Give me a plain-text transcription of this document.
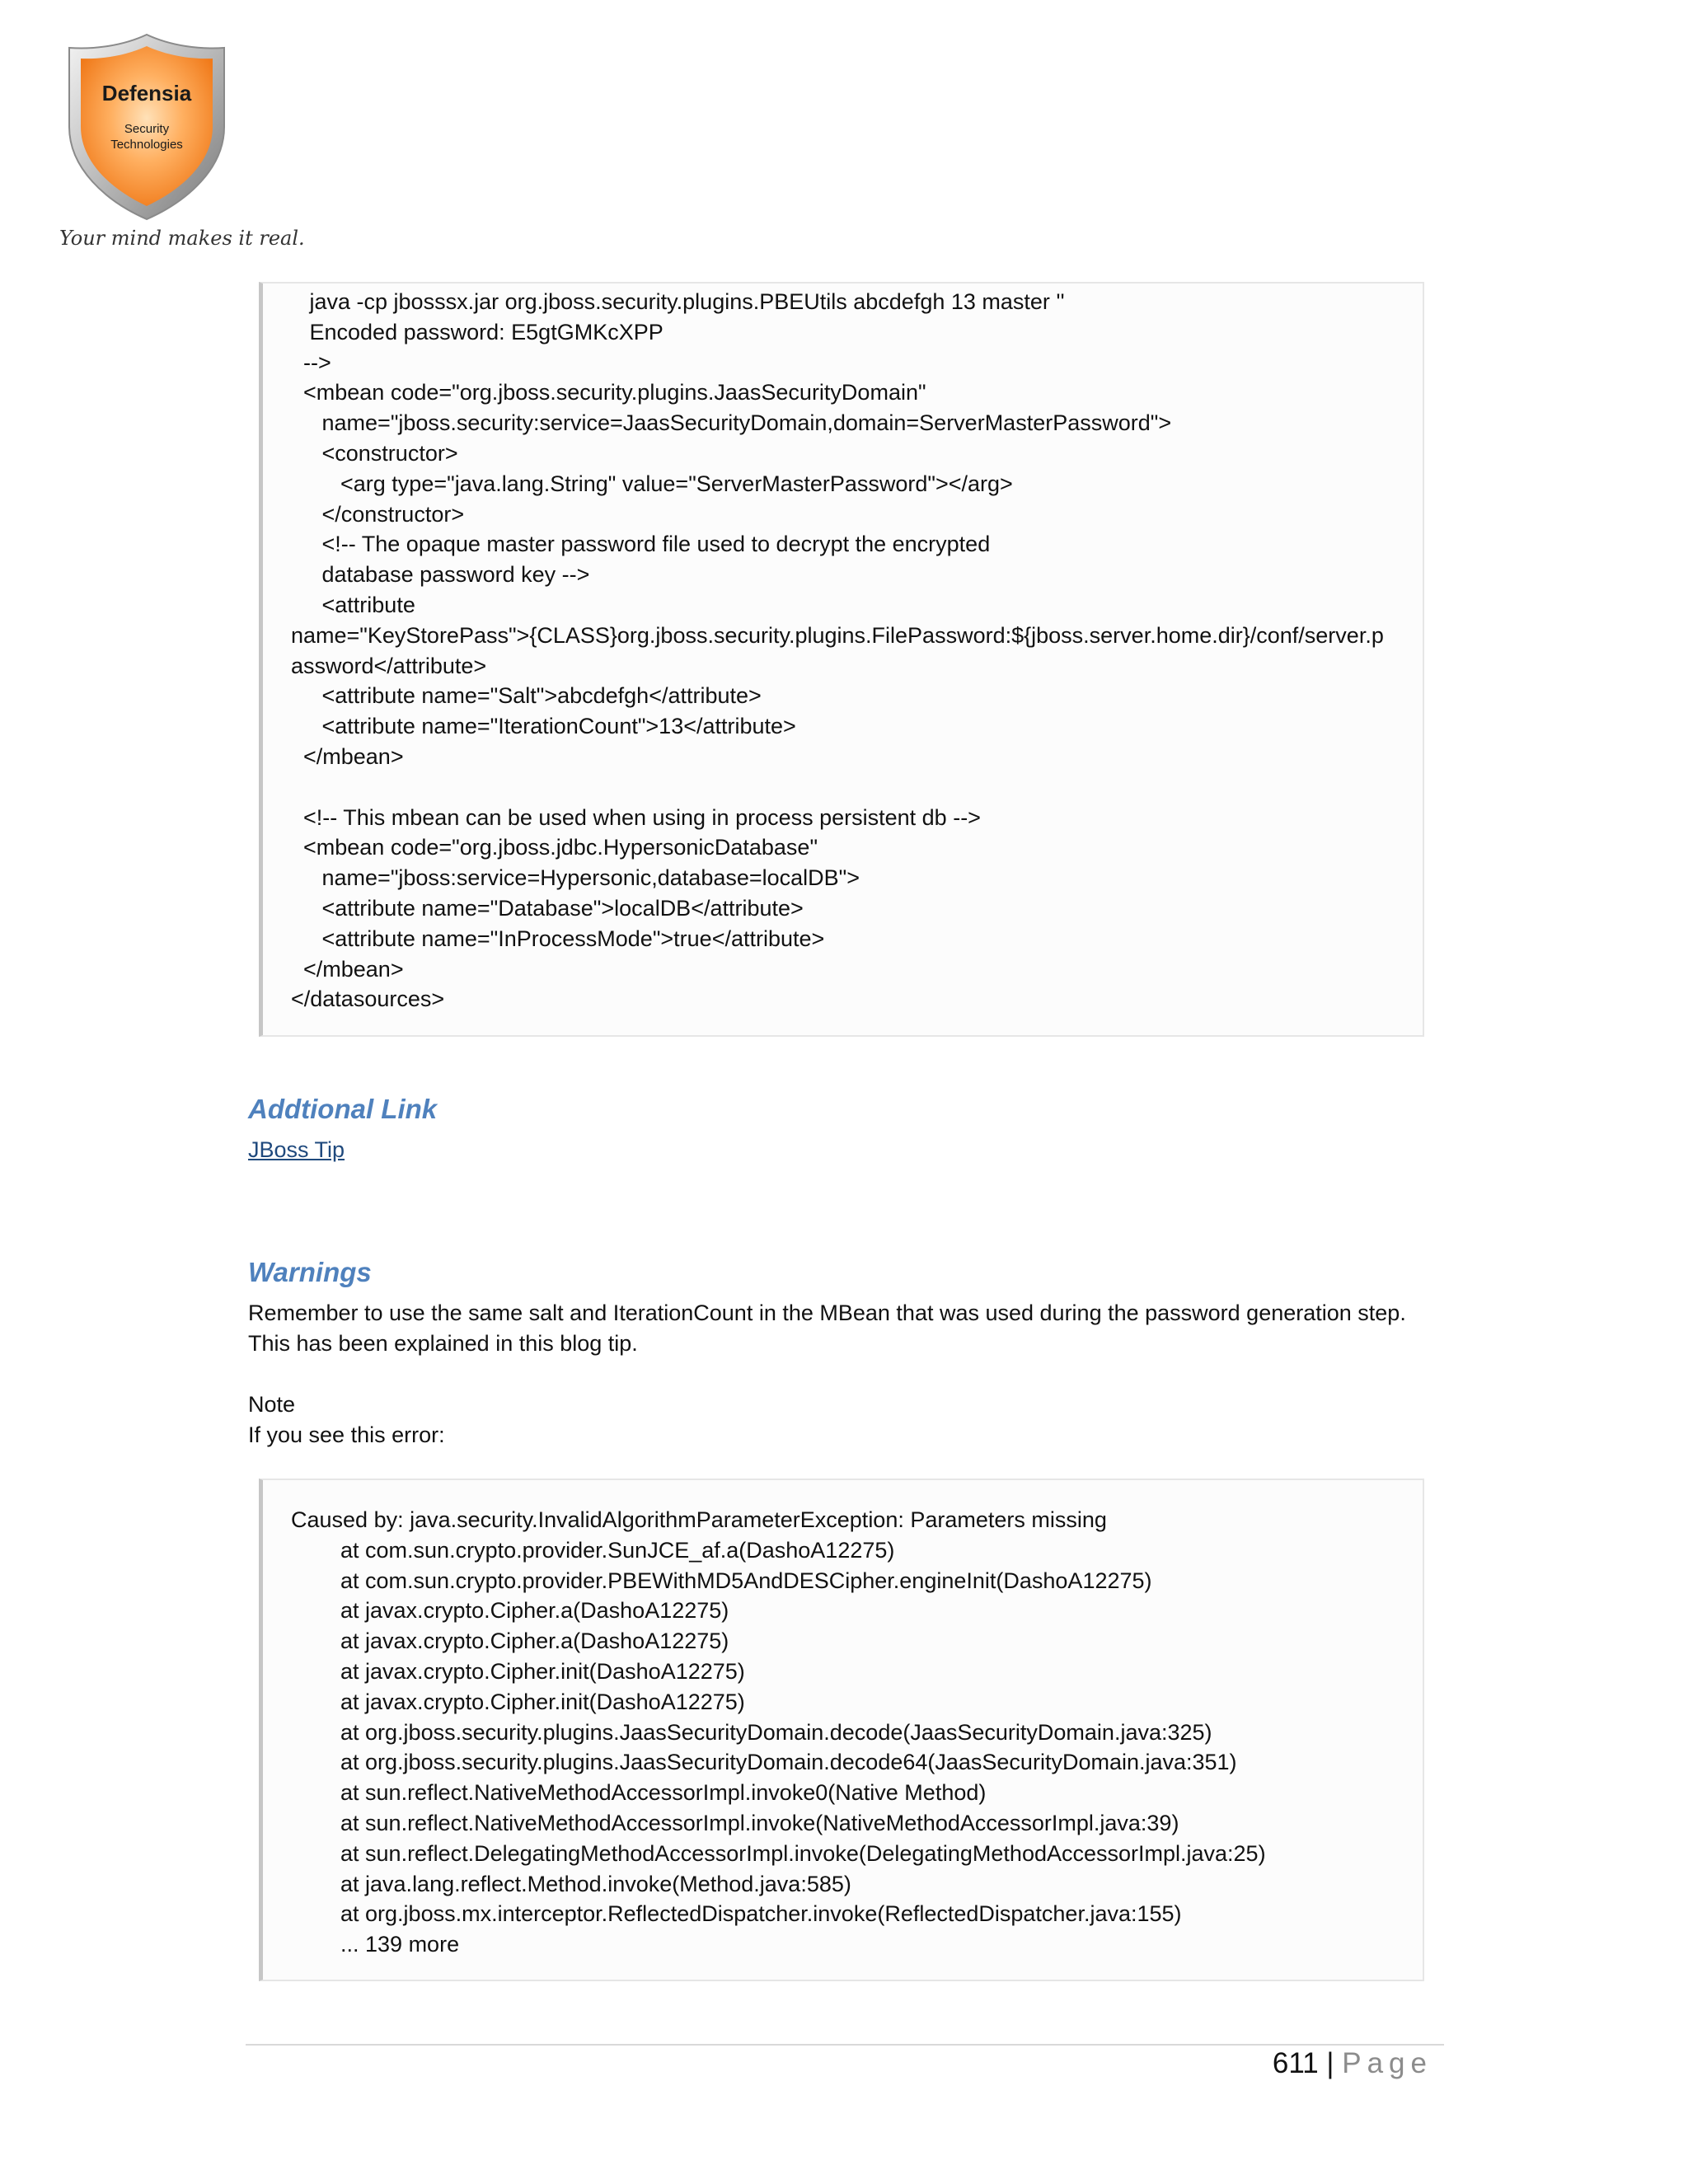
Defensia
Security
Technologies
Your mind makes it real.
java -cp jbosssx.jar org.jboss.security.plugins.PBEUtils abcdefgh 13 master ''
Encoded password: E5gtGMKcXPP
-->
<mbean code="org.jboss.security.plugins.JaasSecurityDomain"
name="jboss.security:service=JaasSecurityDomain,domain=ServerMasterPassword">
<constructor>
<arg type="java.lang.String" value="ServerMasterPassword"></arg>
</constructor>
<!-- The opaque master password file used to decrypt the encrypted
database password key -->
<attribute
name="KeyStorePass">{CLASS}org.jboss.security.plugins.FilePassword:${jboss.server.home.dir}/conf/server.p
assword</attribute>
<attribute name="Salt">abcdefgh</attribute>
<attribute name="IterationCount">13</attribute>
</mbean>
<!-- This mbean can be used when using in process persistent db -->
<mbean code="org.jboss.jdbc.HypersonicDatabase"
name="jboss:service=Hypersonic,database=localDB">
<attribute name="Database">localDB</attribute>
<attribute name="InProcessMode">true</attribute>
</mbean>
</datasources>
Addtional Link
JBoss Tip
Warnings
Remember to use the same salt and IterationCount in the MBean that was used during the password generation step.
This has been explained in this blog tip.
Note
If you see this error:
Caused by: java.security.InvalidAlgorithmParameterException: Parameters missing
at com.sun.crypto.provider.SunJCE_af.a(DashoA12275)
at com.sun.crypto.provider.PBEWithMD5AndDESCipher.engineInit(DashoA12275)
at javax.crypto.Cipher.a(DashoA12275)
at javax.crypto.Cipher.a(DashoA12275)
at javax.crypto.Cipher.init(DashoA12275)
at javax.crypto.Cipher.init(DashoA12275)
at org.jboss.security.plugins.JaasSecurityDomain.decode(JaasSecurityDomain.java:325)
at org.jboss.security.plugins.JaasSecurityDomain.decode64(JaasSecurityDomain.java:351)
at sun.reflect.NativeMethodAccessorImpl.invoke0(Native Method)
at sun.reflect.NativeMethodAccessorImpl.invoke(NativeMethodAccessorImpl.java:39)
at sun.reflect.DelegatingMethodAccessorImpl.invoke(DelegatingMethodAccessorImpl.java:25)
at java.lang.reflect.Method.invoke(Method.java:585)
at org.jboss.mx.interceptor.ReflectedDispatcher.invoke(ReflectedDispatcher.java:155)
... 139 more
611 | Page
